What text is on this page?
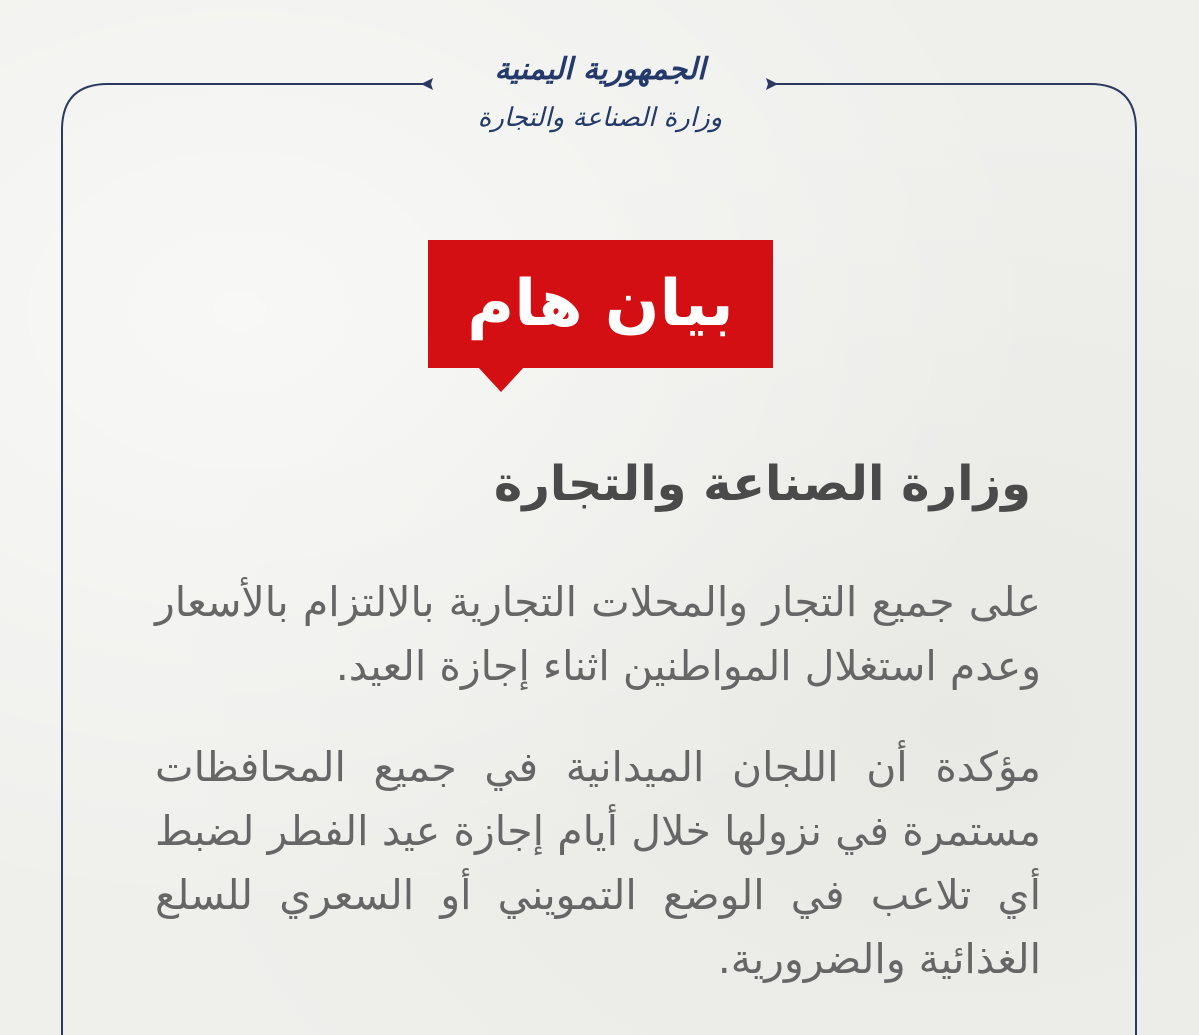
الجمهورية اليمنية
وزارة الصناعة والتجارة
بيان هام
وزارة الصناعة والتجارة
على جميع التجار والمحلات التجارية بالالتزام بالأسعار وعدم استغلال المواطنين اثناء إجازة العيد.
مؤكدة أن اللجان الميدانية في جميع المحافظات مستمرة في نزولها خلال أيام إجازة عيد الفطر لضبط أي تلاعب في الوضع التمويني أو السعري للسلع الغذائية والضرورية.
